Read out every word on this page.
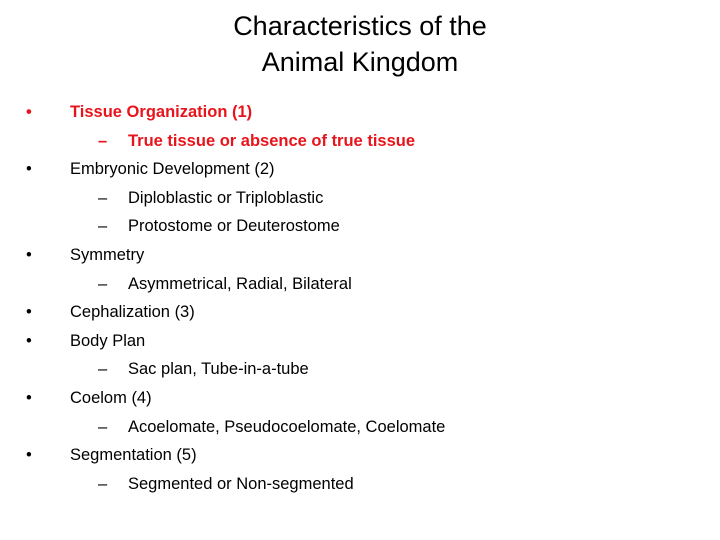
Characteristics of the
Animal Kingdom
• Tissue Organization (1)
– True tissue or absence of true tissue
• Embryonic Development (2)
– Diploblastic or Triploblastic
– Protostome or Deuterostome
• Symmetry
– Asymmetrical, Radial, Bilateral
• Cephalization (3)
• Body Plan
– Sac plan, Tube-in-a-tube
• Coelom (4)
– Acoelomate, Pseudocoelomate, Coelomate
• Segmentation (5)
– Segmented or Non-segmented
